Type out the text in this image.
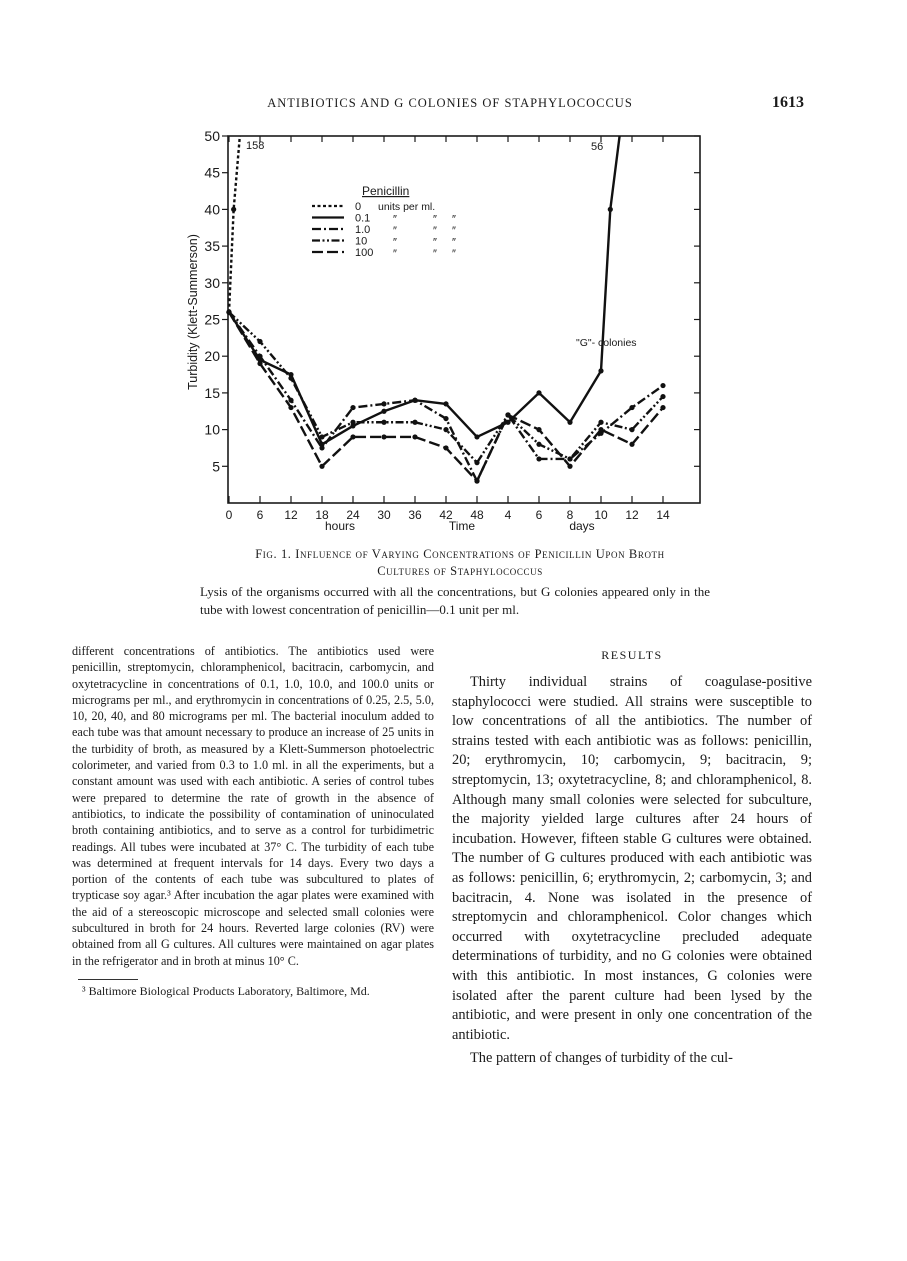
ANTIBIOTICS AND G COLONIES OF STAPHYLOCOCCUS	1613
5
10
15
20
25
30
35
40
45
50
0 6 12 18 24 30 36 42 48 4 6 8 10 12 14
Turbidity (Klett-Summerson)
hours	Time	days
158	56
"G"- colonies
Penicillin
units per ml.
0
0.1 ″	″ ″
1.0 ″	″ ″
10 ″	″ ″
100 ″	″ ″
Fig. 1. Influence of Varying Concentrations of Penicillin Upon Broth
Cultures of Staphylococcus
Lysis of the organisms occurred with all the concentrations, but G colonies appeared only in the tube with lowest concentration of penicillin—0.1 unit per ml.

different concentrations of antibiotics. The antibiotics used were penicillin, streptomycin, chloramphenicol, bacitracin, carbomycin, and oxytetracycline in concentrations of 0.1, 1.0, 10.0, and 100.0 units or micrograms per ml., and erythromycin in concentrations of 0.25, 2.5, 5.0, 10, 20, 40, and 80 micrograms per ml. The bacterial inoculum added to each tube was that amount necessary to produce an increase of 25 units in the turbidity of broth, as measured by a Klett-Summerson photoelectric colorimeter, and varied from 0.3 to 1.0 ml. in all the experiments, but a constant amount was used with each antibiotic. A series of control tubes were prepared to determine the rate of growth in the absence of antibiotics, to indicate the possibility of contamination of uninoculated broth containing antibiotics, and to serve as a control for turbidimetric readings. All tubes were incubated at 37° C. The turbidity of each tube was determined at frequent intervals for 14 days. Every two days a portion of the contents of each tube was subcultured to plates of trypticase soy agar.³ After incubation the agar plates were examined with the aid of a stereoscopic microscope and selected small colonies were subcultured in broth for 24 hours. Reverted large colonies (RV) were obtained from all G cultures. All cultures were maintained on agar plates in the refrigerator and in broth at minus 10° C.

³ Baltimore Biological Products Laboratory, Baltimore, Md.

RESULTS

Thirty individual strains of coagulase-positive staphylococci were studied. All strains were susceptible to low concentrations of all the antibiotics. The number of strains tested with each antibiotic was as follows: penicillin, 20; erythromycin, 10; carbomycin, 9; bacitracin, 9; streptomycin, 13; oxytetracycline, 8; and chloramphenicol, 8. Although many small colonies were selected for subculture, the majority yielded large cultures after 24 hours of incubation. However, fifteen stable G cultures were obtained. The number of G cultures produced with each antibiotic was as follows: penicillin, 6; erythromycin, 2; carbomycin, 3; and bacitracin, 4. None was isolated in the presence of streptomycin and chloramphenicol. Color changes which occurred with oxytetracycline precluded adequate determinations of turbidity, and no G colonies were obtained with this antibiotic. In most instances, G colonies were isolated after the parent culture had been lysed by the antibiotic, and were present in only one concentration of the antibiotic.

The pattern of changes of turbidity of the cul-
